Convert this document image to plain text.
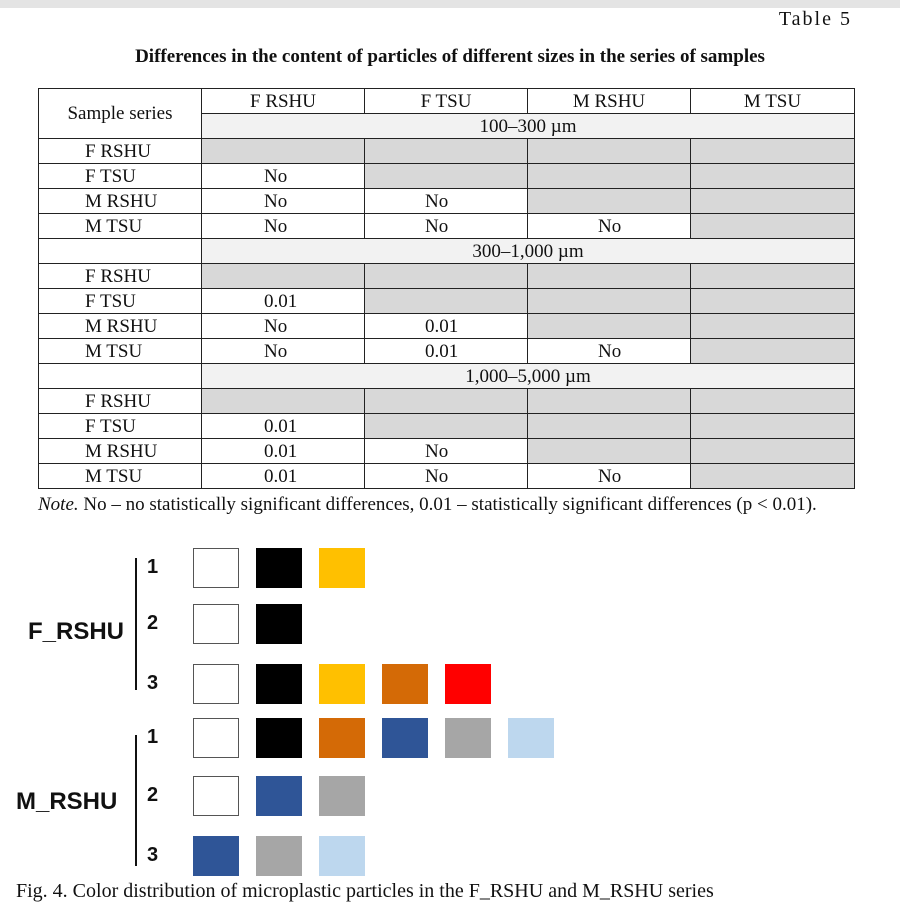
Table 5
Differences in the content of particles of different sizes in the series of samples
Sample series	F RSHU	F TSU	M RSHU	M TSU
	100–300 µm			
F RSHU				
F TSU	No			
M RSHU	No	No		
M TSU	No	No	No	
	300–1,000 µm			
F RSHU				
F TSU	0.01			
M RSHU	No	0.01		
M TSU	No	0.01	No	
	1,000–5,000 µm			
F RSHU				
F TSU	0.01			
M RSHU	0.01	No		
M TSU	0.01	No	No	
Note. No – no statistically significant differences, 0.01 – statistically significant differences (p < 0.01).
F_RSHU
1
2
3
M_RSHU
1
2
3
Fig. 4. Color distribution of microplastic particles in the F_RSHU and M_RSHU series
